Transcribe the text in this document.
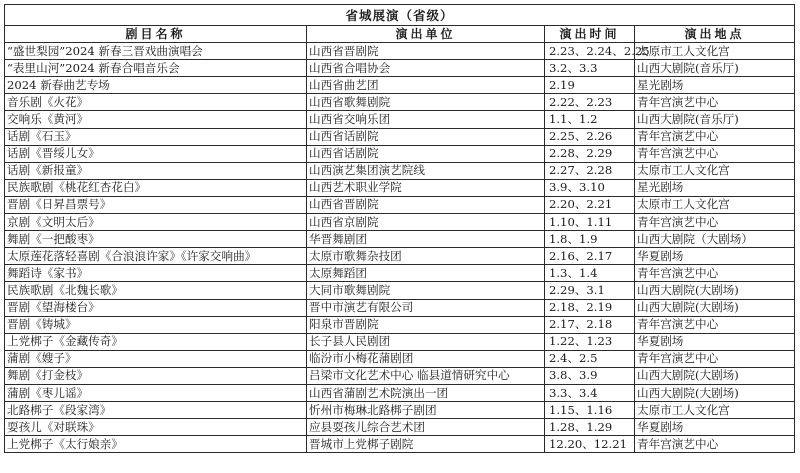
省城展演（省级）			
剧目名称	演出单位	演出时间	演出地点
“盛世梨园”2024 新春三晋戏曲演唱会	山西省晋剧院	2.23、2.24、2.25	太原市工人文化宫
“表里山河”2024 新春合唱音乐会	山西省合唱协会	3.2、3.3	山西大剧院(音乐厅)
2024 新春曲艺专场	山西省曲艺团	2.19	星光剧场
音乐剧《火花》	山西省歌舞剧院	2.22、2.23	青年宫演艺中心
交响乐《黄河》	山西省交响乐团	1.1、1.2	山西大剧院(音乐厅)
话剧《石玉》	山西省话剧院	2.25、2.26	青年宫演艺中心
话剧《晋绥儿女》	山西省话剧院	2.28、2.29	青年宫演艺中心
话剧《新报童》	山西演艺集团演艺院线	2.27、2.28	太原市工人文化宫
民族歌剧《桃花红杏花白》	山西艺术职业学院	3.9、3.10	星光剧场
晋剧《日昇昌票号》	山西省晋剧院	2.20、2.21	太原市工人文化宫
京剧《文明太后》	山西省京剧院	1.10、1.11	青年宫演艺中心
舞剧《一把酸枣》	华晋舞剧团	1.8、1.9	山西大剧院（大剧场）
太原莲花落轻喜剧《合浪浪许家》《许家交响曲》	太原市歌舞杂技团	2.16、2.17	华夏剧场
舞蹈诗《家书》	太原舞蹈团	1.3、1.4	青年宫演艺中心
民族歌剧《北魏长歌》	大同市歌舞剧院	2.29、3.1	山西大剧院(大剧场)
晋剧《望海楼台》	晋中市演艺有限公司	2.18、2.19	山西大剧院(大剧场)
晋剧《铸城》	阳泉市晋剧院	2.17、2.18	青年宫演艺中心
上党梆子《金藏传奇》	长子县人民剧团	1.22、1.23	华夏剧场
蒲剧《嫂子》	临汾市小梅花蒲剧团	2.4、2.5	青年宫演艺中心
舞剧《打金枝》	吕梁市文化艺术中心 临县道情研究中心	3.8、3.9	山西大剧院(大剧场)
蒲剧《枣儿谣》	山西省蒲剧艺术院演出一团	3.3、3.4	山西大剧院(大剧场)
北路梆子《段家湾》	忻州市梅琳北路梆子剧团	1.15、1.16	太原市工人文化宫
耍孩儿《对联珠》	应县耍孩儿综合艺术团	1.28、1.29	华夏剧场
上党梆子《太行娘亲》	晋城市上党梆子剧院	12.20、12.21	青年宫演艺中心
